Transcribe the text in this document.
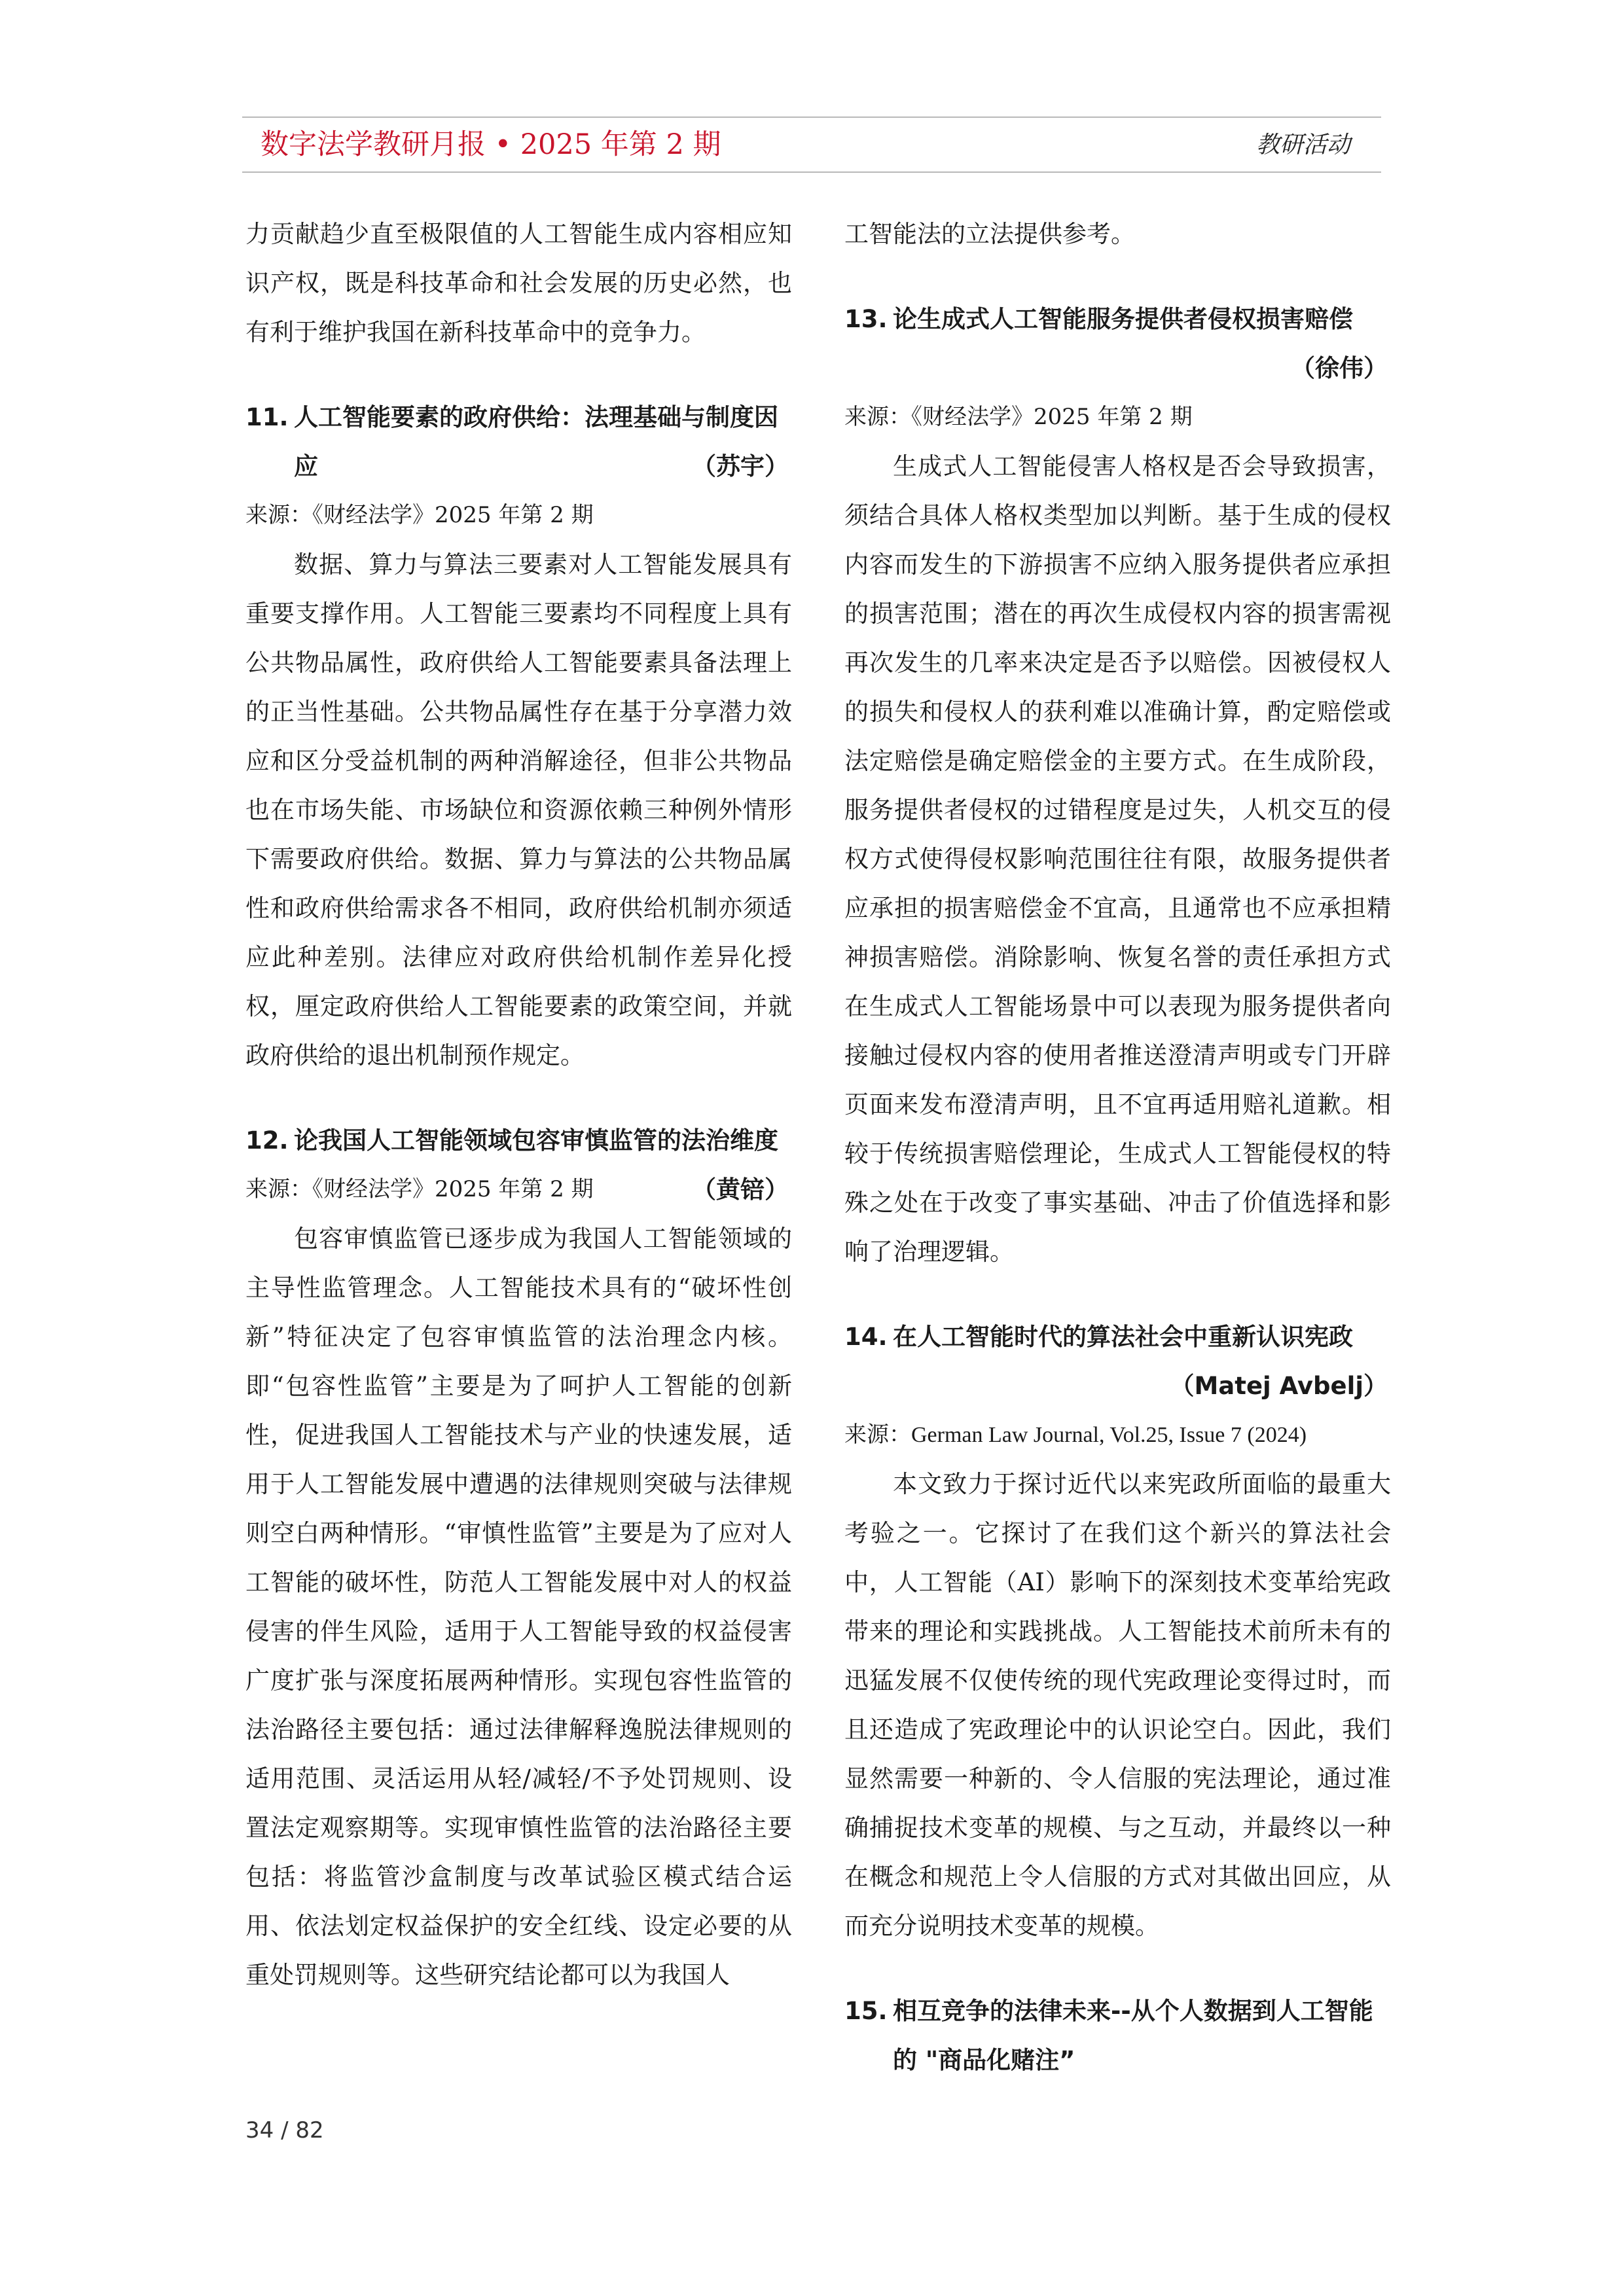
数字法学教研月报 • 2025 年第 2 期	教研活动

力贡献趋少直至极限值的人工智能生成内容相应知识产权，既是科技革命和社会发展的历史必然，也有利于维护我国在新科技革命中的竞争力。

11.
（苏宇）
人工智能要素的政府供给：法理基础与制度因应
来源：《财经法学》2025 年第 2 期

数据、算力与算法三要素对人工智能发展具有重要支撑作用。人工智能三要素均不同程度上具有公共物品属性，政府供给人工智能要素具备法理上的正当性基础。公共物品属性存在基于分享潜力效应和区分受益机制的两种消解途径，但非公共物品也在市场失能、市场缺位和资源依赖三种例外情形下需要政府供给。数据、算力与算法的公共物品属性和政府供给需求各不相同，政府供给机制亦须适应此种差别。法律应对政府供给机制作差异化授权，厘定政府供给人工智能要素的政策空间，并就政府供给的退出机制预作规定。

12.
（黄锫）
论我国人工智能领域包容审慎监管的法治维度
来源：《财经法学》2025 年第 2 期

包容审慎监管已逐步成为我国人工智能领域的主导性监管理念。人工智能技术具有的“破坏性创新”特征决定了包容审慎监管的法治理念内核。即“包容性监管”主要是为了呵护人工智能的创新性，促进我国人工智能技术与产业的快速发展，适用于人工智能发展中遭遇的法律规则突破与法律规则空白两种情形。“审慎性监管”主要是为了应对人工智能的破坏性，防范人工智能发展中对人的权益侵害的伴生风险，适用于人工智能导致的权益侵害广度扩张与深度拓展两种情形。实现包容性监管的法治路径主要包括：通过法律解释逸脱法律规则的适用范围、灵活运用从轻/减轻/不予处罚规则、设置法定观察期等。实现审慎性监管的法治路径主要包括：将监管沙盒制度与改革试验区模式结合运用、依法划定权益保护的安全红线、设定必要的从重处罚规则等。这些研究结论都可以为我国人

工智能法的立法提供参考。

13. 论生成式人工智能服务提供者侵权损害赔偿
（徐伟）
来源：《财经法学》2025 年第 2 期

生成式人工智能侵害人格权是否会导致损害，须结合具体人格权类型加以判断。基于生成的侵权内容而发生的下游损害不应纳入服务提供者应承担的损害范围；潜在的再次生成侵权内容的损害需视再次发生的几率来决定是否予以赔偿。因被侵权人的损失和侵权人的获利难以准确计算，酌定赔偿或法定赔偿是确定赔偿金的主要方式。在生成阶段，服务提供者侵权的过错程度是过失，人机交互的侵权方式使得侵权影响范围往往有限，故服务提供者应承担的损害赔偿金不宜高，且通常也不应承担精神损害赔偿。消除影响、恢复名誉的责任承担方式在生成式人工智能场景中可以表现为服务提供者向接触过侵权内容的使用者推送澄清声明或专门开辟页面来发布澄清声明，且不宜再适用赔礼道歉。相较于传统损害赔偿理论，生成式人工智能侵权的特殊之处在于改变了事实基础、冲击了价值选择和影响了治理逻辑。

14. 在人工智能时代的算法社会中重新认识宪政
（Matej Avbelj）
来源：German Law Journal, Vol.25, Issue 7 (2024)

本文致力于探讨近代以来宪政所面临的最重大考验之一。它探讨了在我们这个新兴的算法社会中，人工智能（AI）影响下的深刻技术变革给宪政带来的理论和实践挑战。人工智能技术前所未有的迅猛发展不仅使传统的现代宪政理论变得过时，而且还造成了宪政理论中的认识论空白。因此，我们显然需要一种新的、令人信服的宪法理论，通过准确捕捉技术变革的规模、与之互动，并最终以一种在概念和规范上令人信服的方式对其做出回应，从而充分说明技术变革的规模。

15. 相互竞争的法律未来--从个人数据到人工智能的 "商品化赌注”
34 / 82
